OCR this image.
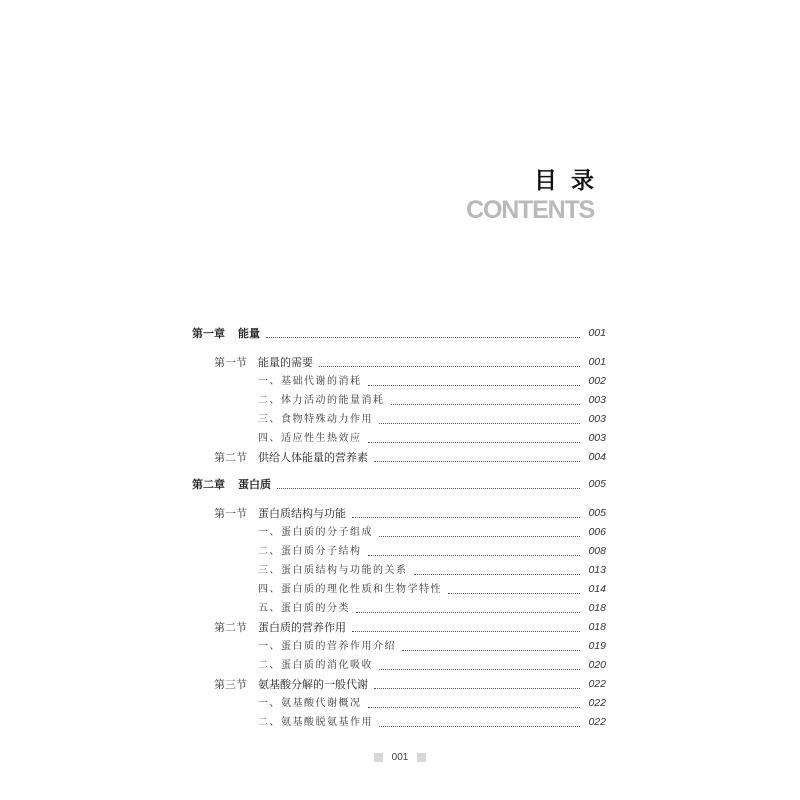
目录
CONTENTS
第一章	能量	001
第一节	能量的需要	001
一、基础代谢的消耗	002
二、体力活动的能量消耗	003
三、食物特殊动力作用	003
四、适应性生热效应	003
第二节	供给人体能量的营养素	004
第二章	蛋白质	005
第一节	蛋白质结构与功能	005
一、蛋白质的分子组成	006
二、蛋白质分子结构	008
三、蛋白质结构与功能的关系	013
四、蛋白质的理化性质和生物学特性	014
五、蛋白质的分类	018
第二节	蛋白质的营养作用	018
一、蛋白质的营养作用介绍	019
二、蛋白质的消化吸收	020
第三节	氨基酸分解的一般代谢	022
一、氨基酸代谢概况	022
二、氨基酸脱氨基作用	022
001
